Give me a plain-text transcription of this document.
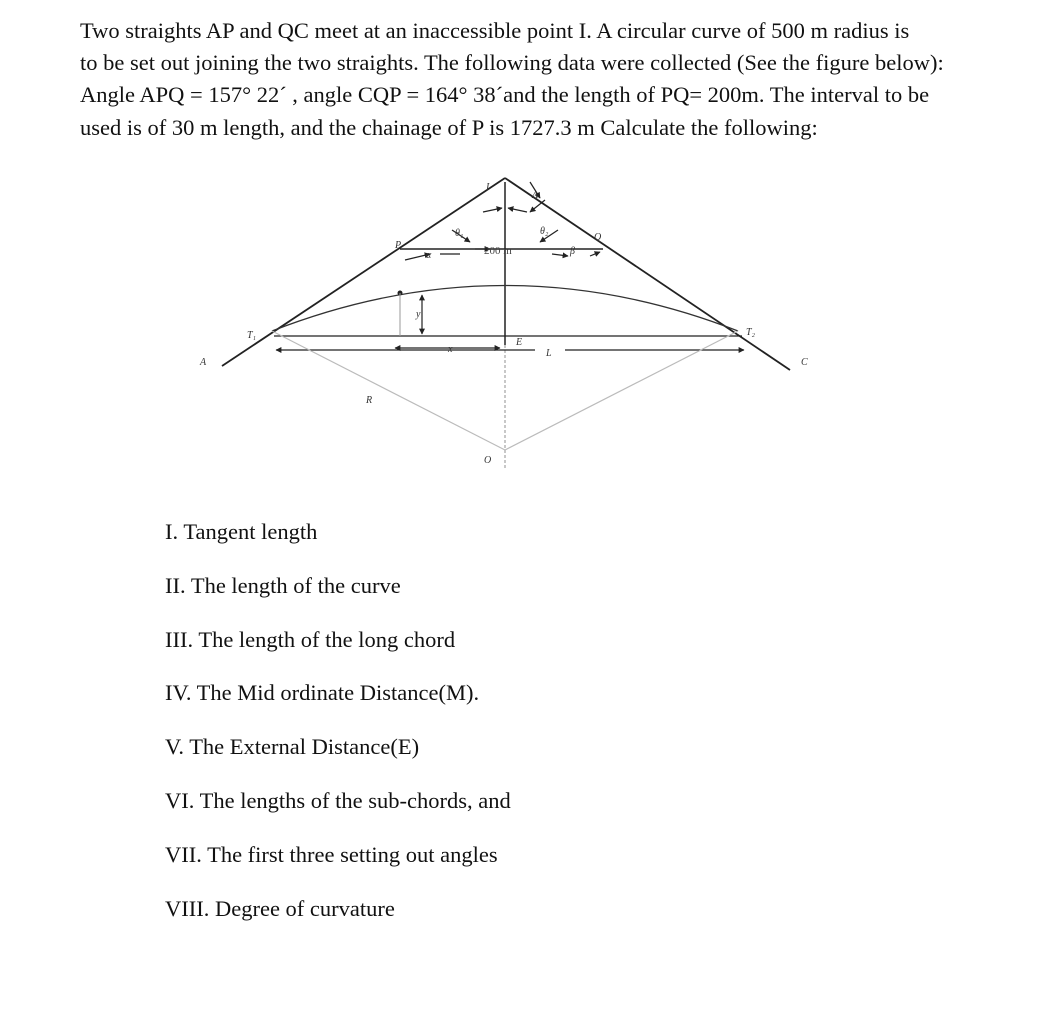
Two straights AP and QC meet at an inaccessible point I. A circular curve of 500 m radius is
to be set out joining the two straights. The following data were collected (See the figure below):
Angle APQ = 157° 22´ , angle CQP = 164° 38´and the length of PQ= 200m. The interval to be
used is of 30 m length, and the chainage of P is 1727.3 m Calculate the following:

I
Δ
P
Q
α	β
θ₁	θ₂
200 m
T₁	T₂
A	C
x
y
E
L
R
O
I. Tangent length
II. The length of the curve
III. The length of the long chord
IV. The Mid ordinate Distance(M).
V. The External Distance(E)
VI. The lengths of the sub-chords, and
VII. The first three setting out angles
VIII. Degree of curvature
